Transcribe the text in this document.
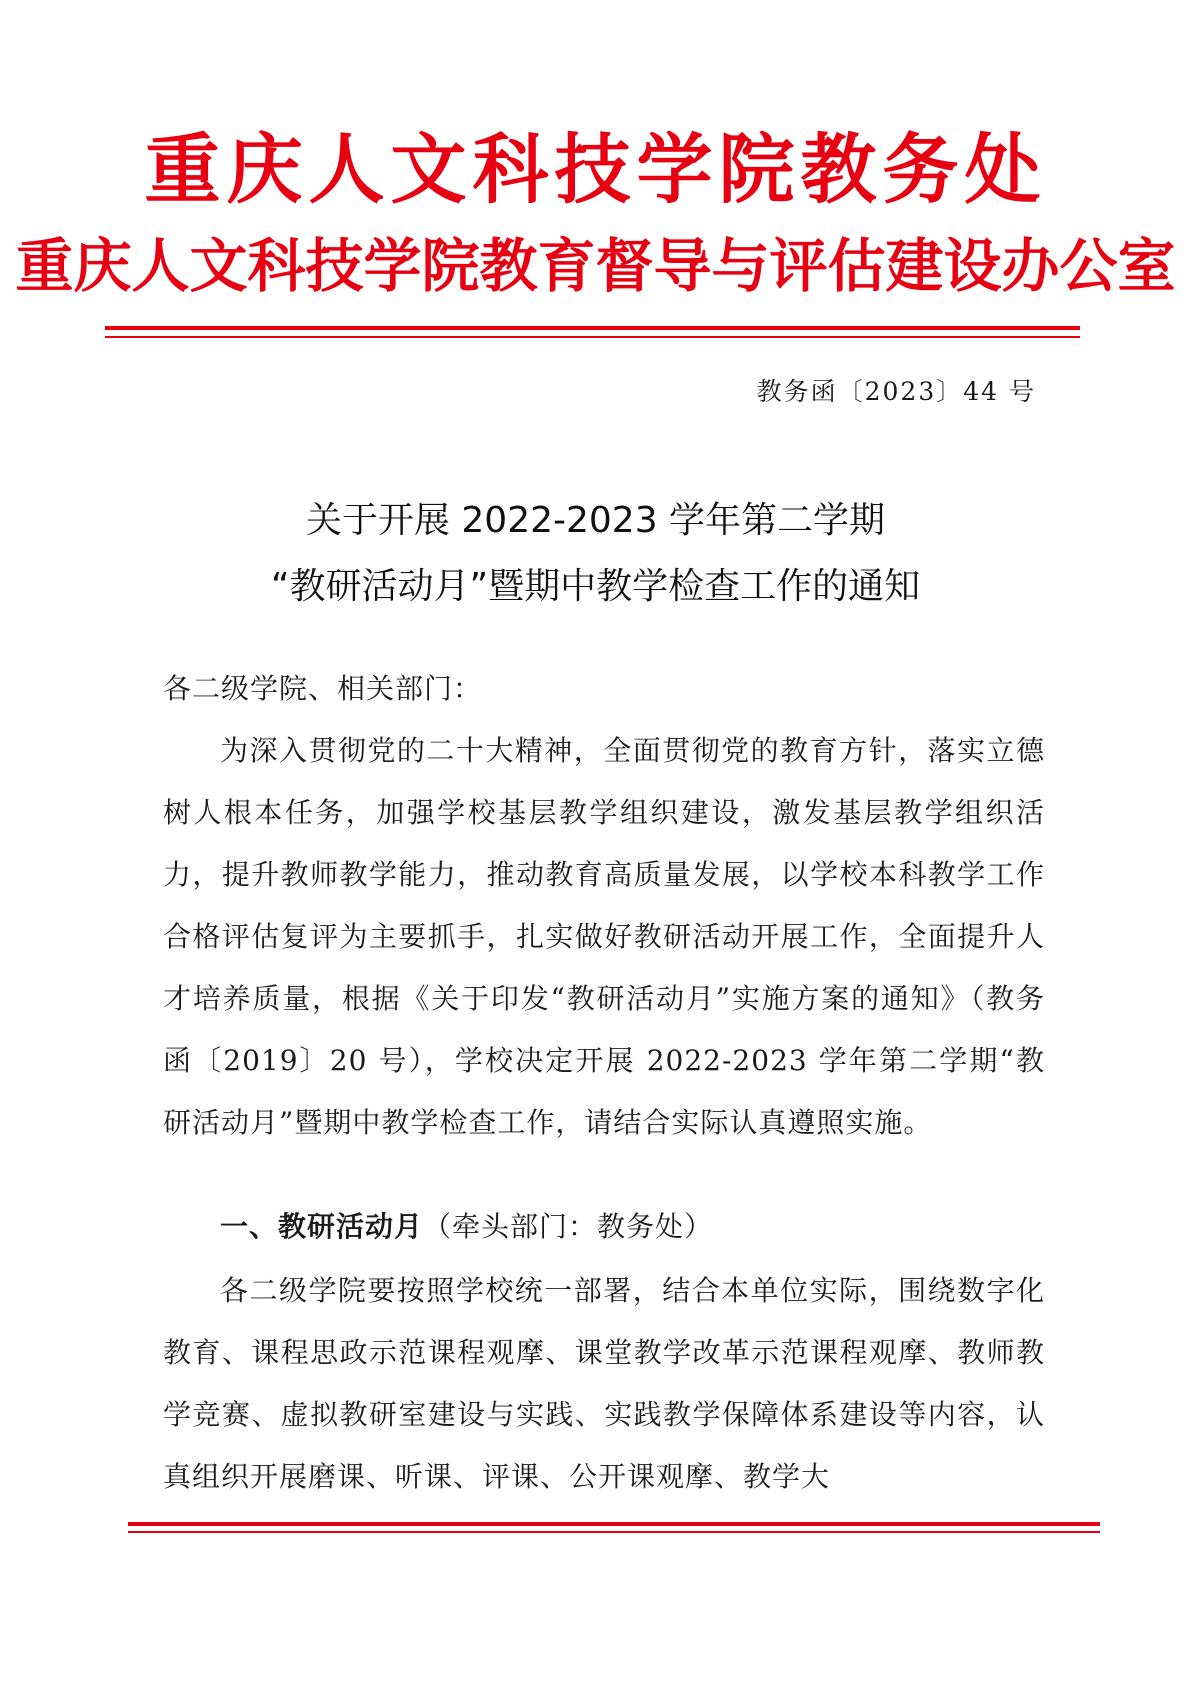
重庆人文科技学院教务处
重庆人文科技学院教育督导与评估建设办公室
教务函〔2023〕44 号
关于开展 2022-2023 学年第二学期
“教研活动月”暨期中教学检查工作的通知
各二级学院、相关部门：
为深入贯彻党的二十大精神，全面贯彻党的教育方针，落实立德树人根本任务，加强学校基层教学组织建设，激发基层教学组织活力，提升教师教学能力，推动教育高质量发展，以学校本科教学工作合格评估复评为主要抓手，扎实做好教研活动开展工作，全面提升人才培养质量，根据《关于印发“教研活动月”实施方案的通知》（教务函〔2019〕20 号），学校决定开展 2022-2023 学年第二学期“教研活动月”暨期中教学检查工作，请结合实际认真遵照实施。
一、教研活动月（牵头部门：教务处）
各二级学院要按照学校统一部署，结合本单位实际，围绕数字化教育、课程思政示范课程观摩、课堂教学改革示范课程观摩、教师教学竞赛、虚拟教研室建设与实践、实践教学保障体系建设等内容，认真组织开展磨课、听课、评课、公开课观摩、教学大
